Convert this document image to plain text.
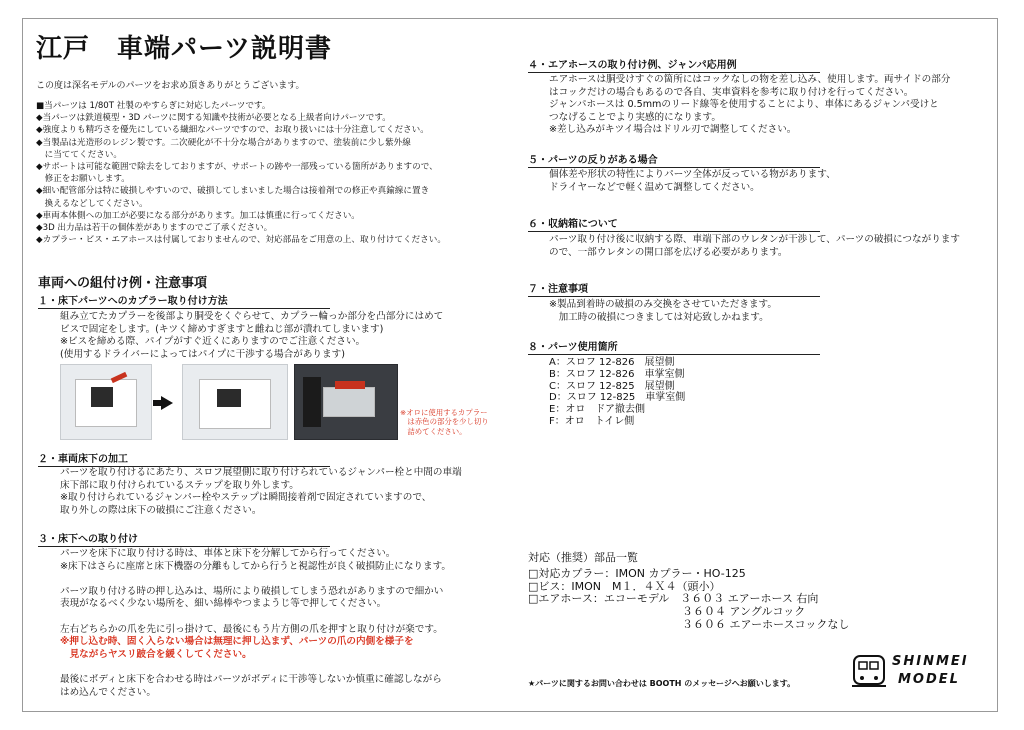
江戸　車端パーツ説明書
この度は深名モデルのパーツをお求め頂きありがとうございます。
■当パーツは 1/80T 社製のやすらぎに対応したパーツです。
◆当パーツは鉄道模型・3D パーツに関する知識や技術が必要となる上級者向けパーツです。
◆強度よりも精巧さを優先にしている繊細なパーツですので、お取り扱いには十分注意してください。
◆当製品は光造形のレジン製です。二次硬化が不十分な場合がありますので、塗装前に少し紫外線
　に当ててください。
◆サポートは可能な範囲で除去をしておりますが、サポートの跡や一部残っている箇所がありますので、
　修正をお願いします。
◆細い配管部分は特に破損しやすいので、破損してしまいました場合は接着剤での修正や真鍮線に置き
　換えるなどしてください。
◆車両本体側への加工が必要になる部分があります。加工は慎重に行ってください。
◆3D 出力品は若干の個体差がありますのでご了承ください。
◆カプラー・ビス・エアホースは付属しておりませんので、対応部品をご用意の上、取り付けてください。
車両への組付け例・注意事項
１・床下パーツへのカプラー取り付け方法
組み立てたカプラーを後部より胴受をくぐらせて、カプラー輪っか部分を凸部分にはめて
ビスで固定をします。(キツく締めすぎますと雌ねじ部が潰れてしまいます)
※ビスを締める際、パイプがすぐ近くにありますのでご注意ください。
(使用するドライバーによってはパイプに干渉する場合があります)
※オロに使用するカプラー
　は赤色の部分を少し切り
　詰めてください。
２・車両床下の加工
パーツを取り付けるにあたり、スロフ展望側に取り付けられているジャンパー栓と中間の車端
床下部に取り付けられているステップを取り外します。
※取り付けられているジャンパー栓やステップは瞬間接着剤で固定されていますので、
取り外しの際は床下の破損にご注意ください。
３・床下への取り付け
パーツを床下に取り付ける時は、車体と床下を分解してから行ってください。
※床下はさらに座席と床下機器の分離もしてから行うと視認性が良く破損防止になります。

パーツ取り付ける時の押し込みは、場所により破損してしまう恐れがありますので細かい
表現がなるべく少ない場所を、細い綿棒やつまようじ等で押してください。

左右どちらかの爪を先に引っ掛けて、最後にもう片方側の爪を押すと取り付けが楽です。
※押し込む時、固く入らない場合は無理に押し込まず、パーツの爪の内側を様子を
　見ながらヤスリ跛合を緩くしてください。

最後にボディと床下を合わせる時はパーツがボディに干渉等しないか慎重に確認しながら
はめ込んでください。
４・エアホースの取り付け例、ジャンパ応用例
エアホースは胴受けすぐの箇所にはコックなしの物を差し込み、使用します。両サイドの部分
はコックだけの場合もあるので各自、実車資料を参考に取り付けを行ってください。
ジャンパホースは 0.5mmのリード線等を使用することにより、車体にあるジャンパ受けと
つなげることでより実感的になります。
※差し込みがキツイ場合はドリル刃で調整してください。
５・パーツの反りがある場合
個体差や形状の特性によりパーツ全体が反っている物があります、
ドライヤーなどで軽く温めて調整してください。
６・収納箱について
パーツ取り付け後に収納する際、車端下部のウレタンが干渉して、パーツの破損につながります
ので、一部ウレタンの開口部を広げる必要があります。
７・注意事項
※製品到着時の破損のみ交換をさせていただきます。
　加工時の破損につきましては対応致しかねます。
８・パーツ使用箇所
A：スロフ 12-826　展望側
B：スロフ 12-826　車掌室側
C：スロフ 12-825　展望側
D：スロフ 12-825　車掌室側
E：オロ　ドア撤去側
F：オロ　トイレ側
対応（推奨）部品一覧
□対応カプラー：IMON カプラー・HO-125
□ビス：IMON　M１．４Ｘ４（頭小）
□エアホース：エコーモデル　３６０３ エアーホース 右向
　　　　　　　　　　　　　　３６０４ アングルコック
　　　　　　　　　　　　　　３６０６ エアーホースコックなし
★パーツに関するお問い合わせは BOOTH のメッセージへお願いします。
SHINMEI
MODEL
